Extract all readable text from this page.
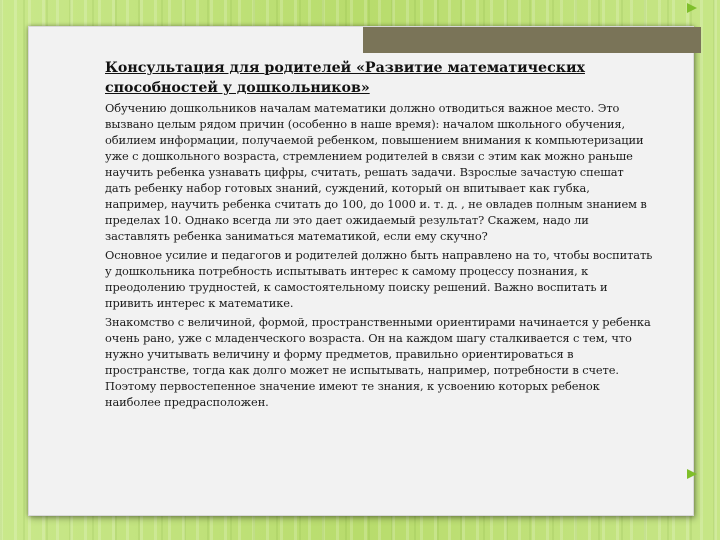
Консультация для родителей «Развитие математических способностей у дошкольников»
Обучению дошкольников началам математики должно отводиться важное место. Это вызвано целым рядом причин (особенно в наше время): началом школьного обучения, обилием информации, получаемой ребенком, повышением внимания к компьютеризации уже с дошкольного возраста, стремлением родителей в связи с этим как можно раньше научить ребенка узнавать цифры, считать, решать задачи. Взрослые зачастую спешат дать ребенку набор готовых знаний, суждений, который он впитывает как губка, например, научить ребенка считать до 100, до 1000 и. т. д. , не овладев полным знанием в пределах 10. Однако всегда ли это дает ожидаемый результат? Скажем, надо ли заставлять ребенка заниматься математикой, если ему скучно?
Основное усилие и педагогов и родителей должно быть направлено на то, чтобы воспитать у дошкольника потребность испытывать интерес к самому процессу познания, к преодолению трудностей, к самостоятельному поиску решений. Важно воспитать и привить интерес к математике.
Знакомство с величиной, формой, пространственными ориентирами начинается у ребенка очень рано, уже с младенческого возраста. Он на каждом шагу сталкивается с тем, что нужно учитывать величину и форму предметов, правильно ориентироваться в пространстве, тогда как долго может не испытывать, например, потребности в счете. Поэтому первостепенное значение имеют те знания, к усвоению которых ребенок наиболее предрасположен.
